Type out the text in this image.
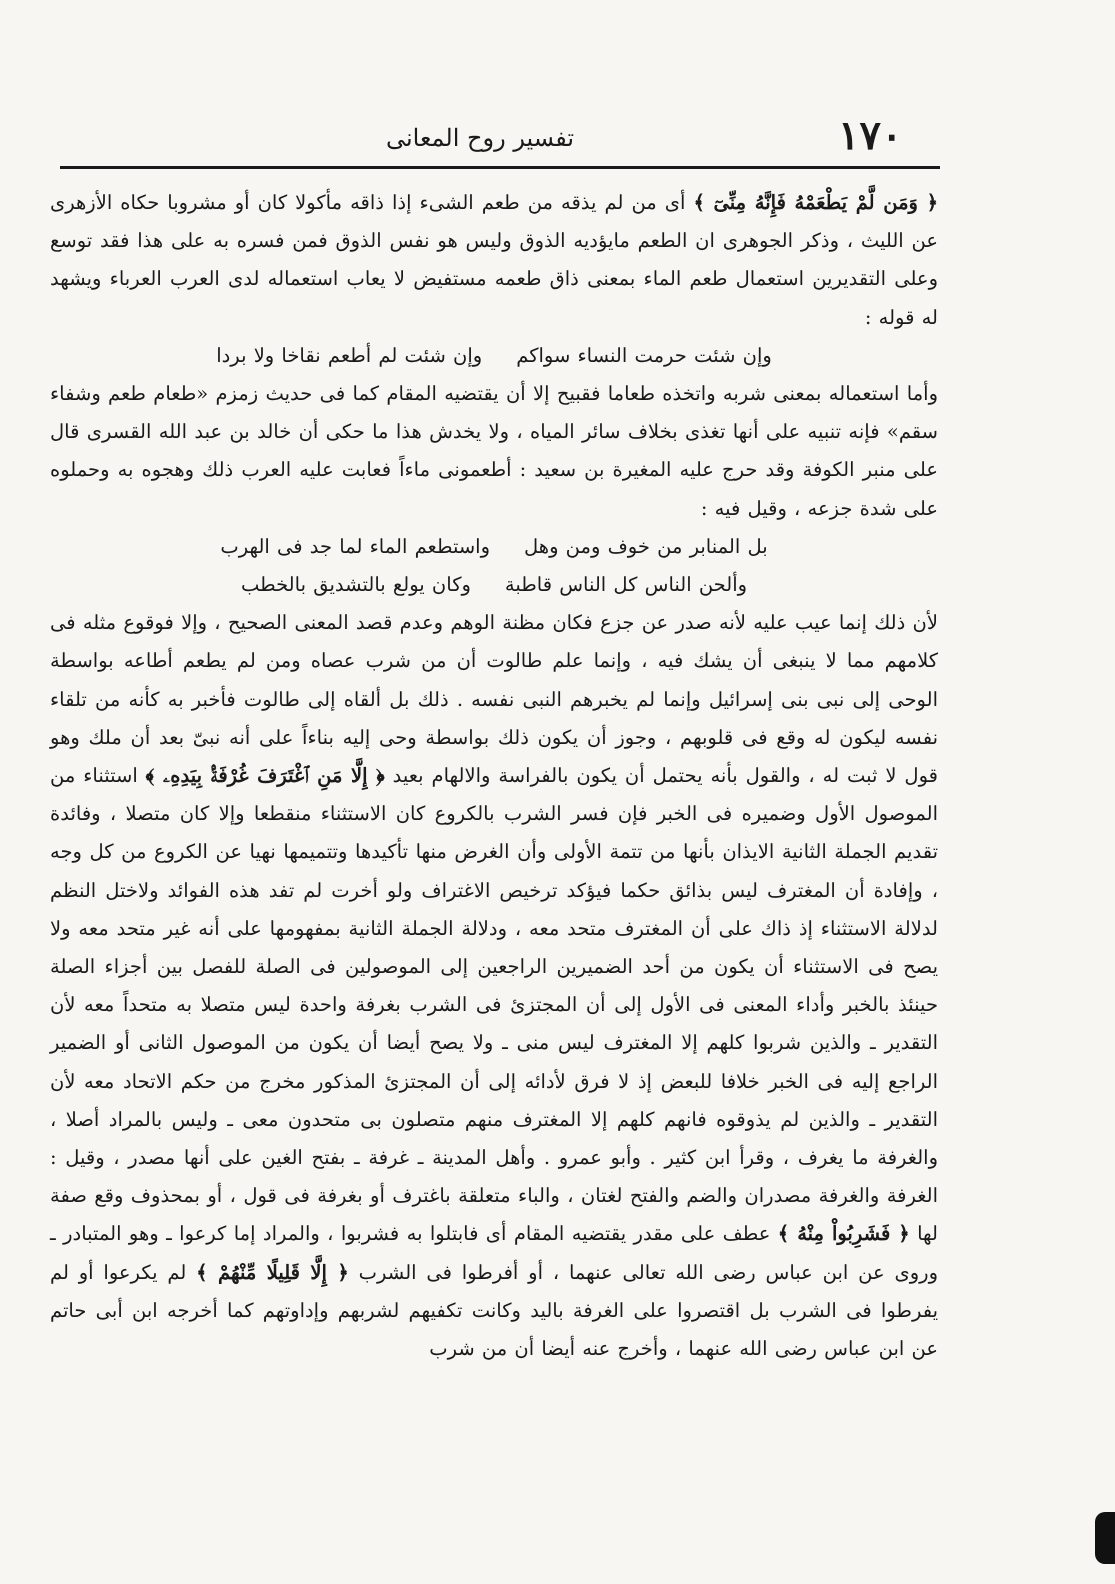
١٧٠
تفسير روح المعانى

﴿ وَمَن لَّمْ يَطْعَمْهُ فَإِنَّهُ مِنِّىٓ ﴾ أى من لم يذقه من طعم الشىء إذا ذاقه مأكولا كان أو مشروبا حكاه الأزهرى عن الليث ، وذكر الجوهرى ان الطعم مايؤديه الذوق وليس هو نفس الذوق فمن فسره به على هذا فقد توسع وعلى التقديرين استعمال طعم الماء بمعنى ذاق طعمه مستفيض لا يعاب استعماله لدى العرب العرباء ويشهد له قوله :

وإن شئت حرمت النساء سواكم
وإن شئت لم أطعم نقاخا ولا بردا

وأما استعماله بمعنى شربه واتخذه طعاما فقبيح إلا أن يقتضيه المقام كما فى حديث زمزم «طعام طعم وشفاء سقم» فإنه تنبيه على أنها تغذى بخلاف سائر المياه ، ولا يخدش هذا ما حكى أن خالد بن عبد الله القسرى قال على منبر الكوفة وقد حرج عليه المغيرة بن سعيد : أطعمونى ماءاً فعابت عليه العرب ذلك وهجوه به وحملوه على شدة جزعه ، وقيل فيه :

بل المنابر من خوف ومن وهل
واستطعم الماء لما جد فى الهرب
وألحن الناس كل الناس قاطبة
وكان يولع بالتشديق بالخطب

لأن ذلك إنما عيب عليه لأنه صدر عن جزع فكان مظنة الوهم وعدم قصد المعنى الصحيح ، وإلا فوقوع مثله فى كلامهم مما لا ينبغى أن يشك فيه ، وإنما علم طالوت أن من شرب عصاه ومن لم يطعم أطاعه بواسطة الوحى إلى نبى بنى إسرائيل وإنما لم يخبرهم النبى نفسه . ذلك بل ألقاه إلى طالوت فأخبر به كأنه من تلقاء نفسه ليكون له وقع فى قلوبهم ، وجوز أن يكون ذلك بواسطة وحى إليه بناءاً على أنه نبىّ بعد أن ملك وهو قول لا ثبت له ، والقول بأنه يحتمل أن يكون بالفراسة والالهام بعيد ﴿ إِلَّا مَنِ ٱغْتَرَفَ غُرْفَةًۢ بِيَدِهِۦ ﴾ استثناء من الموصول الأول وضميره فى الخبر فإن فسر الشرب بالكروع كان الاستثناء منقطعا وإلا كان متصلا ، وفائدة تقديم الجملة الثانية الايذان بأنها من تتمة الأولى وأن الغرض منها تأكيدها وتتميمها نهيا عن الكروع من كل وجه ، وإفادة أن المغترف ليس بذائق حكما فيؤكد ترخيص الاغتراف ولو أخرت لم تفد هذه الفوائد ولاختل النظم لدلالة الاستثناء إذ ذاك على أن المغترف متحد معه ، ودلالة الجملة الثانية بمفهومها على أنه غير متحد معه ولا يصح فى الاستثناء أن يكون من أحد الضميرين الراجعين إلى الموصولين فى الصلة للفصل بين أجزاء الصلة حينئذ بالخبر وأداء المعنى فى الأول إلى أن المجتزئ فى الشرب بغرفة واحدة ليس متصلا به متحداً معه لأن التقدير ـ والذين شربوا كلهم إلا المغترف ليس منى ـ ولا يصح أيضا أن يكون من الموصول الثانى أو الضمير الراجع إليه فى الخبر خلافا للبعض إذ لا فرق لأدائه إلى أن المجتزئ المذكور مخرج من حكم الاتحاد معه لأن التقدير ـ والذين لم يذوقوه فانهم كلهم إلا المغترف منهم متصلون بى متحدون معى ـ وليس بالمراد أصلا ، والغرفة ما يغرف ، وقرأ ابن كثير . وأبو عمرو . وأهل المدينة ـ غرفة ـ بفتح الغين على أنها مصدر ، وقيل : الغرفة والغرفة مصدران والضم والفتح لغتان ، والباء متعلقة باغترف أو بغرفة فى قول ، أو بمحذوف وقع صفة لها ﴿ فَشَرِبُواْ مِنْهُ ﴾ عطف على مقدر يقتضيه المقام أى فابتلوا به فشربوا ، والمراد إما كرعوا ـ وهو المتبادر ـ وروى عن ابن عباس رضى الله تعالى عنهما ، أو أفرطوا فى الشرب ﴿ إِلَّا قَلِيلًا مِّنْهُمْ ﴾ لم يكرعوا أو لم يفرطوا فى الشرب بل اقتصروا على الغرفة باليد وكانت تكفيهم لشربهم وإداوتهم كما أخرجه ابن أبى حاتم عن ابن عباس رضى الله عنهما ، وأخرج عنه أيضا أن من شرب
